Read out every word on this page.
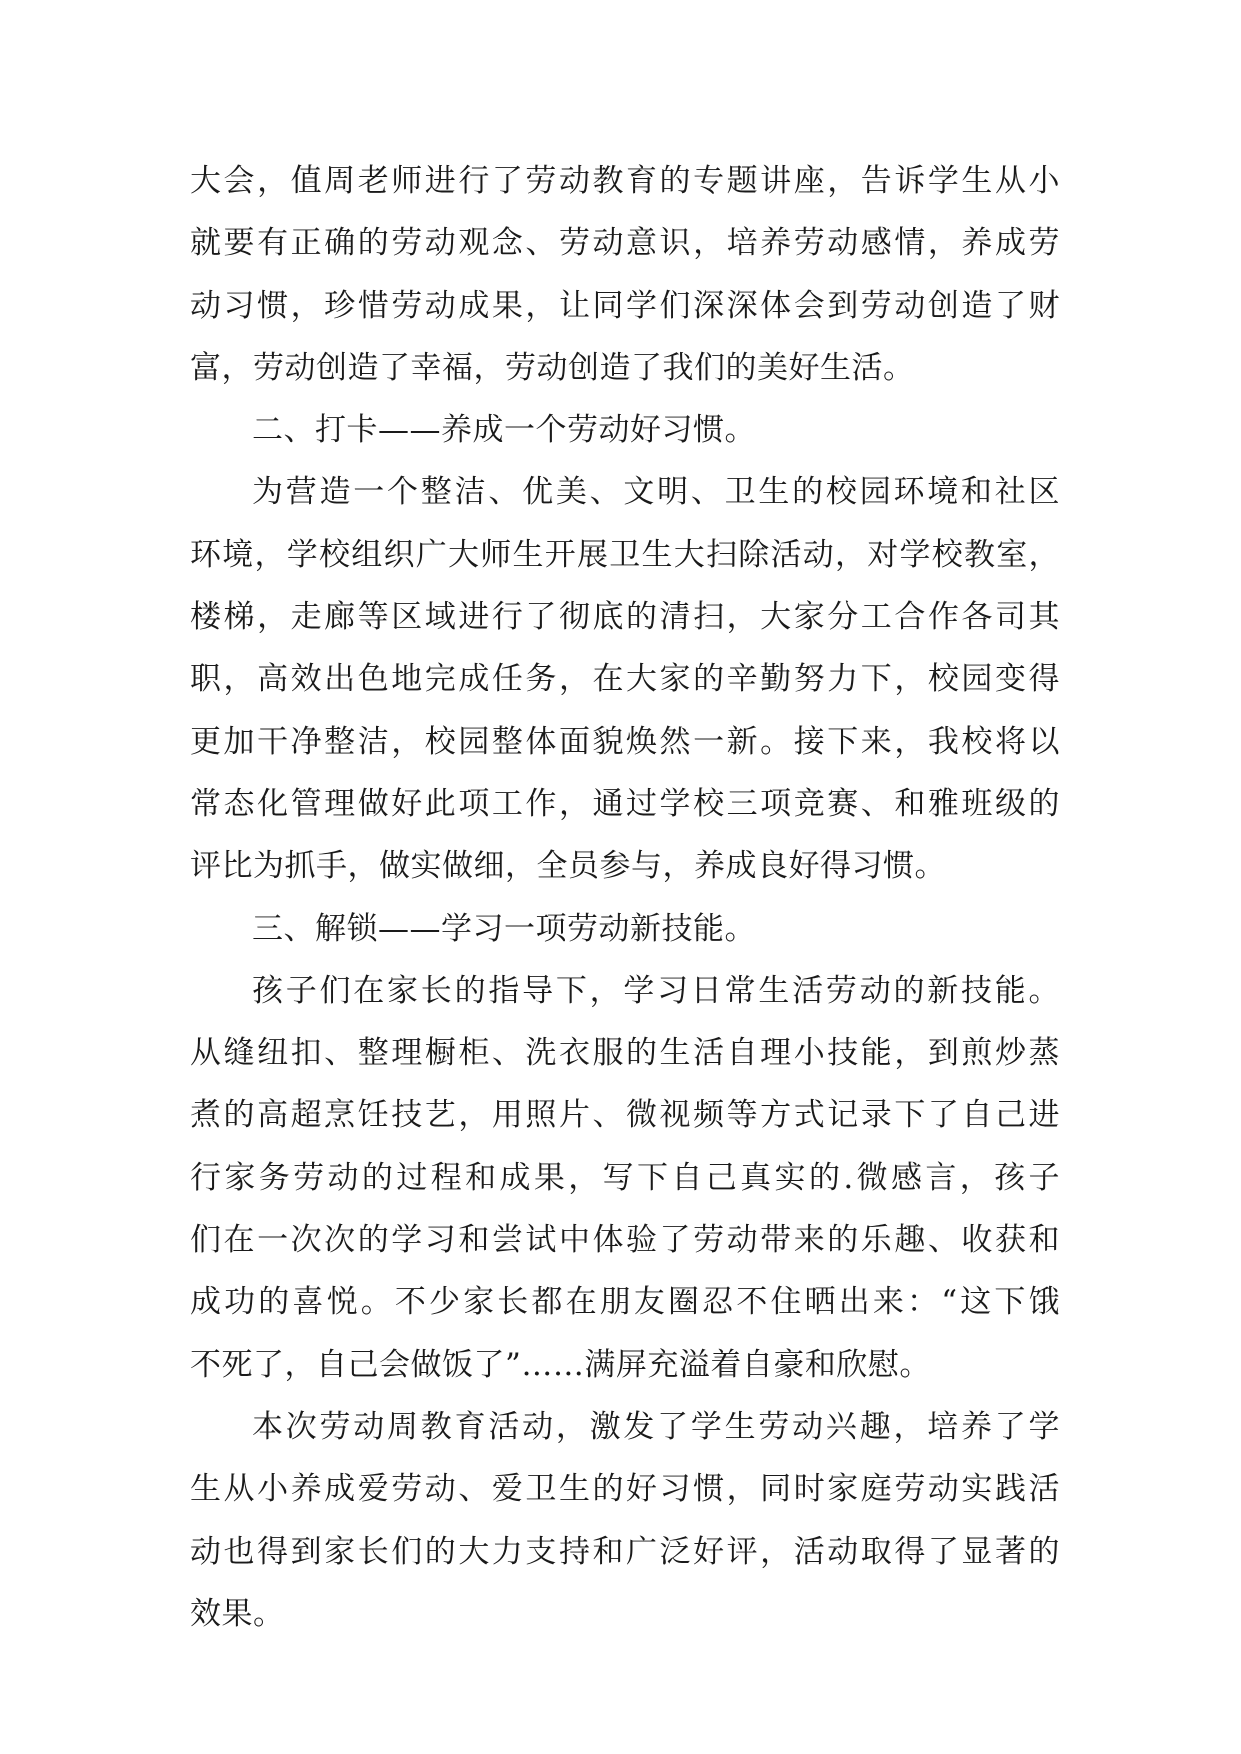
大会，值周老师进行了劳动教育的专题讲座，告诉学生从小
就要有正确的劳动观念、劳动意识，培养劳动感情，养成劳
动习惯，珍惜劳动成果，让同学们深深体会到劳动创造了财
富，劳动创造了幸福，劳动创造了我们的美好生活。
二、打卡——养成一个劳动好习惯。
为营造一个整洁、优美、文明、卫生的校园环境和社区
环境，学校组织广大师生开展卫生大扫除活动，对学校教室，
楼梯，走廊等区域进行了彻底的清扫，大家分工合作各司其
职，高效出色地完成任务，在大家的辛勤努力下，校园变得
更加干净整洁，校园整体面貌焕然一新。接下来，我校将以
常态化管理做好此项工作，通过学校三项竞赛、和雅班级的
评比为抓手，做实做细，全员参与，养成良好得习惯。
三、解锁——学习一项劳动新技能。
孩子们在家长的指导下，学习日常生活劳动的新技能。
从缝纽扣、整理橱柜、洗衣服的生活自理小技能，到煎炒蒸
煮的高超烹饪技艺，用照片、微视频等方式记录下了自己进
行家务劳动的过程和成果，写下自己真实的.微感言，孩子
们在一次次的学习和尝试中体验了劳动带来的乐趣、收获和
成功的喜悦。不少家长都在朋友圈忍不住晒出来：“这下饿
不死了，自己会做饭了”……满屏充溢着自豪和欣慰。
本次劳动周教育活动，激发了学生劳动兴趣，培养了学
生从小养成爱劳动、爱卫生的好习惯，同时家庭劳动实践活
动也得到家长们的大力支持和广泛好评，活动取得了显著的
效果。
